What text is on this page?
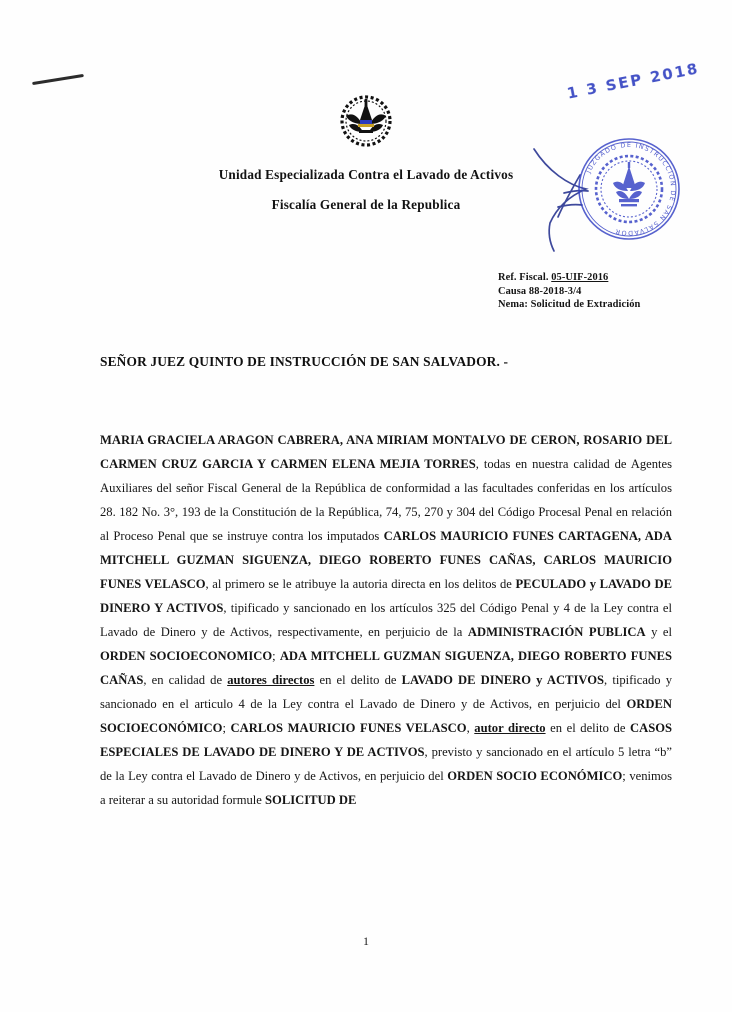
Unidad Especializada Contra el Lavado de Activos
Fiscalía General de la Republica
1 3 SEP 2018
JUZGADO DE INSTRUCCION DE SAN SALVADOR
Ref. Fiscal. 05-UIF-2016
Causa 88-2018-3/4
Nema: Solicitud de Extradición
SEÑOR JUEZ QUINTO DE INSTRUCCIÓN DE SAN SALVADOR. -

MARIA GRACIELA ARAGON CABRERA, ANA MIRIAM MONTALVO DE CERON, ROSARIO DEL CARMEN CRUZ GARCIA Y CARMEN ELENA MEJIA TORRES, todas en nuestra calidad de Agentes Auxiliares del señor Fiscal General de la República de conformidad a las facultades conferidas en los artículos 28. 182 No. 3°, 193 de la Constitución de la República, 74, 75, 270 y 304 del Código Procesal Penal en relación al Proceso Penal que se instruye contra los imputados CARLOS MAURICIO FUNES CARTAGENA, ADA MITCHELL GUZMAN SIGUENZA, DIEGO ROBERTO FUNES CAÑAS, CARLOS MAURICIO FUNES VELASCO, al primero se le atribuye la autoria directa en los delitos de PECULADO y LAVADO DE DINERO Y ACTIVOS, tipificado y sancionado en los artículos 325 del Código Penal y 4 de la Ley contra el Lavado de Dinero y de Activos, respectivamente, en perjuicio de la ADMINISTRACIÓN PUBLICA y el ORDEN SOCIOECONOMICO; ADA MITCHELL GUZMAN SIGUENZA, DIEGO ROBERTO FUNES CAÑAS, en calidad de autores directos en el delito de LAVADO DE DINERO y ACTIVOS, tipificado y sancionado en el articulo 4 de la Ley contra el Lavado de Dinero y de Activos, en perjuicio del ORDEN SOCIOECONÓMICO; CARLOS MAURICIO FUNES VELASCO, autor directo en el delito de CASOS ESPECIALES DE LAVADO DE DINERO Y DE ACTIVOS, previsto y sancionado en el artículo 5 letra “b” de la Ley contra el Lavado de Dinero y de Activos, en perjuicio del ORDEN SOCIO ECONÓMICO; venimos a reiterar a su autoridad formule SOLICITUD DE

1
